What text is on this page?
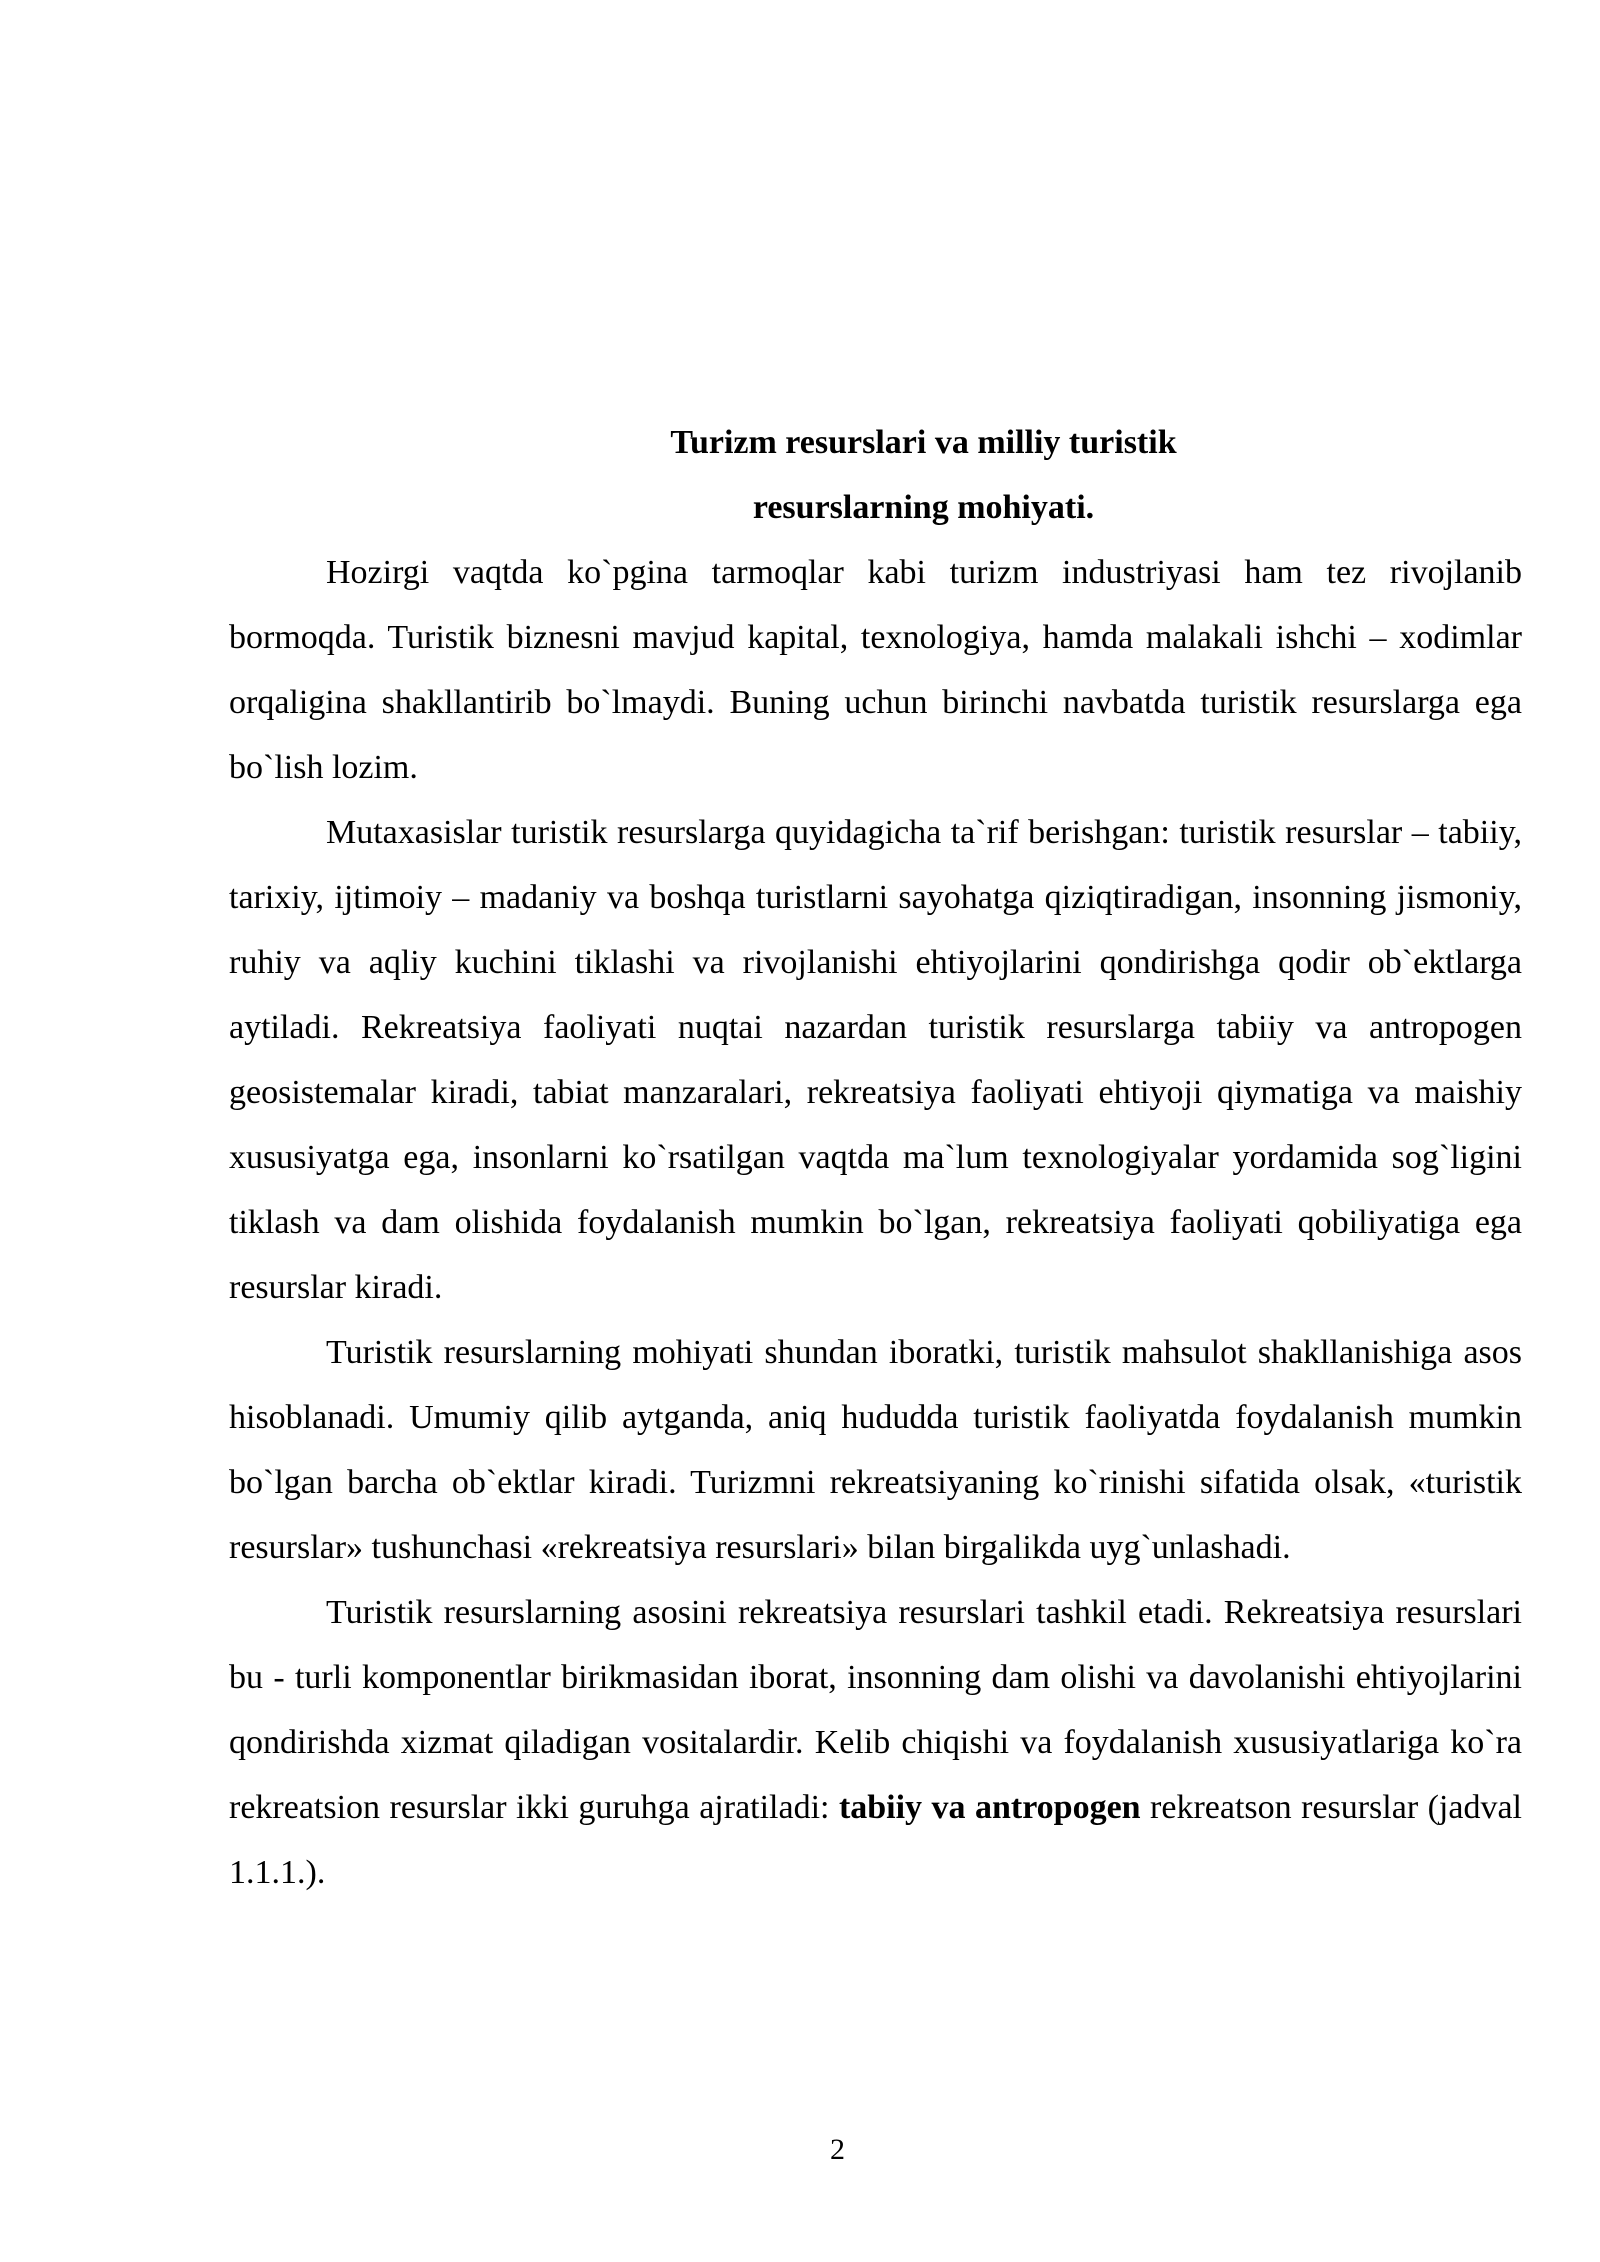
Turizm resurslari va milliy turistik

resurslarning mohiyati.

Hozirgi vaqtda ko`pgina tarmoqlar kabi turizm industriyasi ham tez rivojlanib bormoqda. Turistik biznesni mavjud kapital, texnologiya, hamda malakali ishchi – xodimlar orqaligina shakllantirib bo`lmaydi. Buning uchun birinchi navbatda turistik resurslarga ega bo`lish lozim.

Mutaxasislar turistik resurslarga quyidagicha ta`rif berishgan: turistik resurslar – tabiiy, tarixiy, ijtimoiy – madaniy va boshqa turistlarni sayohatga qiziqtiradigan, insonning jismoniy, ruhiy va aqliy kuchini tiklashi va rivojlanishi ehtiyojlarini qondirishga qodir ob`ektlarga aytiladi. Rekreatsiya faoliyati nuqtai nazardan turistik resurslarga tabiiy va antropogen geosistemalar kiradi, tabiat manzaralari, rekreatsiya faoliyati ehtiyoji qiymatiga va maishiy xususiyatga ega, insonlarni ko`rsatilgan vaqtda ma`lum texnologiyalar yordamida sog`ligini tiklash va dam olishida foydalanish mumkin bo`lgan, rekreatsiya faoliyati qobiliyatiga ega resurslar kiradi.

Turistik resurslarning mohiyati shundan iboratki, turistik mahsulot shakllanishiga asos hisoblanadi. Umumiy qilib aytganda, aniq hududda turistik faoliyatda foydalanish mumkin bo`lgan barcha ob`ektlar kiradi. Turizmni rekreatsiyaning ko`rinishi sifatida olsak, «turistik resurslar» tushunchasi «rekreatsiya resurslari» bilan birgalikda uyg`unlashadi.

Turistik resurslarning asosini rekreatsiya resurslari tashkil etadi. Rekreatsiya resurslari bu - turli komponentlar birikmasidan iborat, insonning dam olishi va davolanishi ehtiyojlarini qondirishda xizmat qiladigan vositalardir. Kelib chiqishi va foydalanish xususiyatlariga ko`ra rekreatsion resurslar ikki guruhga ajratiladi: tabiiy va antropogen rekreatson resurslar (jadval 1.1.1.).

2
